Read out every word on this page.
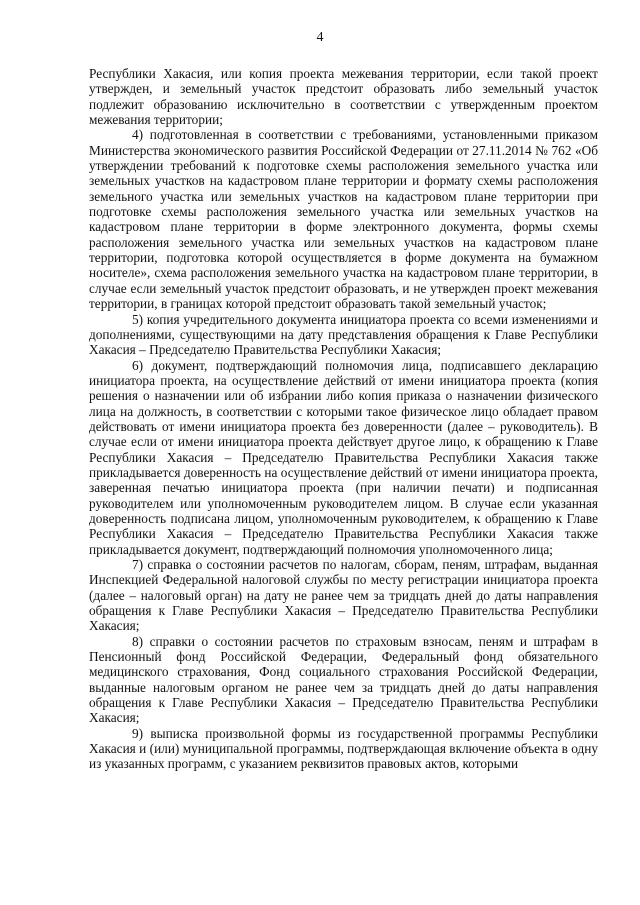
4

Республики Хакасия, или копия проекта межевания территории, если такой проект утвержден, и земельный участок предстоит образовать либо земельный участок подлежит образованию исключительно в соответствии с утвержденным проектом межевания территории;

4) подготовленная в соответствии с требованиями, установленными приказом Министерства экономического развития Российской Федерации от 27.11.2014 № 762 «Об утверждении требований к подготовке схемы расположения земельного участка или земельных участков на кадастровом плане территории и формату схемы расположения земельного участка или земельных участков на кадастровом плане территории при подготовке схемы расположения земельного участка или земельных участков на кадастровом плане территории в форме электронного документа, формы схемы расположения земельного участка или земельных участков на кадастровом плане территории, подготовка которой осуществляется в форме документа на бумажном носителе», схема расположения земельного участка на кадастровом плане территории, в случае если земельный участок предстоит образовать, и не утвержден проект межевания территории, в границах которой предстоит образовать такой земельный участок;

5) копия учредительного документа инициатора проекта со всеми изменениями и дополнениями, существующими на дату представления обращения к Главе Республики Хакасия – Председателю Правительства Республики Хакасия;

6) документ, подтверждающий полномочия лица, подписавшего декларацию инициатора проекта, на осуществление действий от имени инициатора проекта (копия решения о назначении или об избрании либо копия приказа о назначении физического лица на должность, в соответствии с которыми такое физическое лицо обладает правом действовать от имени инициатора проекта без доверенности (далее – руководитель). В случае если от имени инициатора проекта действует другое лицо, к обращению к Главе Республики Хакасия – Председателю Правительства Республики Хакасия также прикладывается доверенность на осуществление действий от имени инициатора проекта, заверенная печатью инициатора проекта (при наличии печати) и подписанная руководителем или уполномоченным руководителем лицом. В случае если указанная доверенность подписана лицом, уполномоченным руководителем, к обращению к Главе Республики Хакасия – Председателю Правительства Республики Хакасия также прикладывается документ, подтверждающий полномочия уполномоченного лица;

7) справка о состоянии расчетов по налогам, сборам, пеням, штрафам, выданная Инспекцией Федеральной налоговой службы по месту регистрации инициатора проекта (далее – налоговый орган) на дату не ранее чем за тридцать дней до даты направления обращения к Главе Республики Хакасия – Председателю Правительства Республики Хакасия;

8) справки о состоянии расчетов по страховым взносам, пеням и штрафам в Пенсионный фонд Российской Федерации, Федеральный фонд обязательного медицинского страхования, Фонд социального страхования Российской Федерации, выданные налоговым органом не ранее чем за тридцать дней до даты направления обращения к Главе Республики Хакасия – Председателю Правительства Республики Хакасия;

9) выписка произвольной формы из государственной программы Республики Хакасия и (или) муниципальной программы, подтверждающая включение объекта в одну из указанных программ, с указанием реквизитов правовых актов, которыми
